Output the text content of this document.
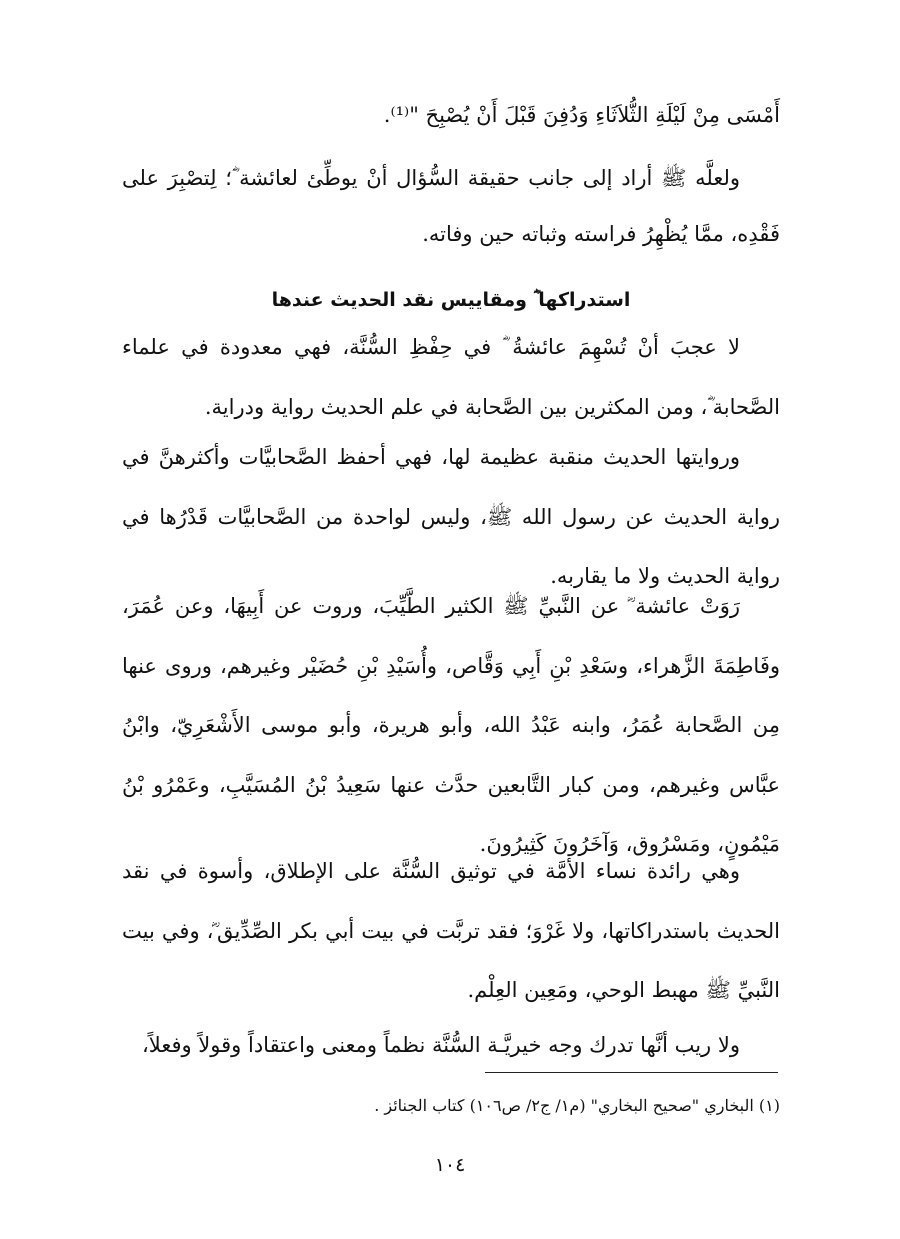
أَمْسَى مِنْ لَيْلَةِ الثُّلاَثَاءِ وَدُفِنَ قَبْلَ أَنْ يُصْبِحَ "⁽¹⁾.
ولعلَّه ﷺ أراد إلى جانب حقيقة السُّؤال أنْ يوطِّئ لعائشة ؓ؛ لِتصْبِرَ على فَقْدِه، ممَّا يُظْهِرُ فراسته وثباته حين وفاته.
استدراكها ؓ ومقاييس نقد الحديث عندها
لا عجبَ أنْ تُسْهِمَ عائشةُ ؓ في حِفْظِ السُّنَّة، فهي معدودة في علماء الصَّحابة ؓ، ومن المكثرين بين الصَّحابة في علم الحديث رواية ودراية.
وروايتها الحديث منقبة عظيمة لها، فهي أحفظ الصَّحابيَّات وأكثرهنَّ في رواية الحديث عن رسول الله ﷺ، وليس لواحدة من الصَّحابيَّات قَدْرُها في رواية الحديث ولا ما يقاربه.
رَوَتْ عائشة ؓ عن النَّبيِّ ﷺ الكثير الطَّيِّبَ، وروت عن أَبِيهَا، وعن عُمَرَ، وفَاطِمَةَ الزَّهراء، وسَعْدِ بْنِ أَبِي وَقَّاص، وأُسَيْدِ بْنِ حُضَيْر وغيرهم، وروى عنها مِن الصَّحابة عُمَرُ، وابنه عَبْدُ الله، وأبو هريرة، وأبو موسى الأَشْعَرِيّ، وابْنُ عبَّاس وغيرهم، ومن كبار التَّابعين حدَّث عنها سَعِيدُ بْنُ المُسَيَّبِ، وعَمْرُو بْنُ مَيْمُونٍ، ومَسْرُوق، وَآخَرُونَ كَثِيرُونَ.
وهي رائدة نساء الأمَّة في توثيق السُّنَّة على الإطلاق، وأسوة في نقد الحديث باستدراكاتها، ولا غَرْوَ؛ فقد تربَّت في بيت أبي بكر الصِّدِّيق ؓ، وفي بيت النَّبيِّ ﷺ مهبط الوحي، ومَعِين العِلْم.
ولا ريب أنَّها تدرك وجه خيريَّـة السُّنَّة نظماً ومعنى واعتقاداً وقولاً وفعلاً،
(١) البخاري "صحيح البخاري" (م١/ ج٢/ ص١٠٦) كتاب الجنائز .
١٠٤
